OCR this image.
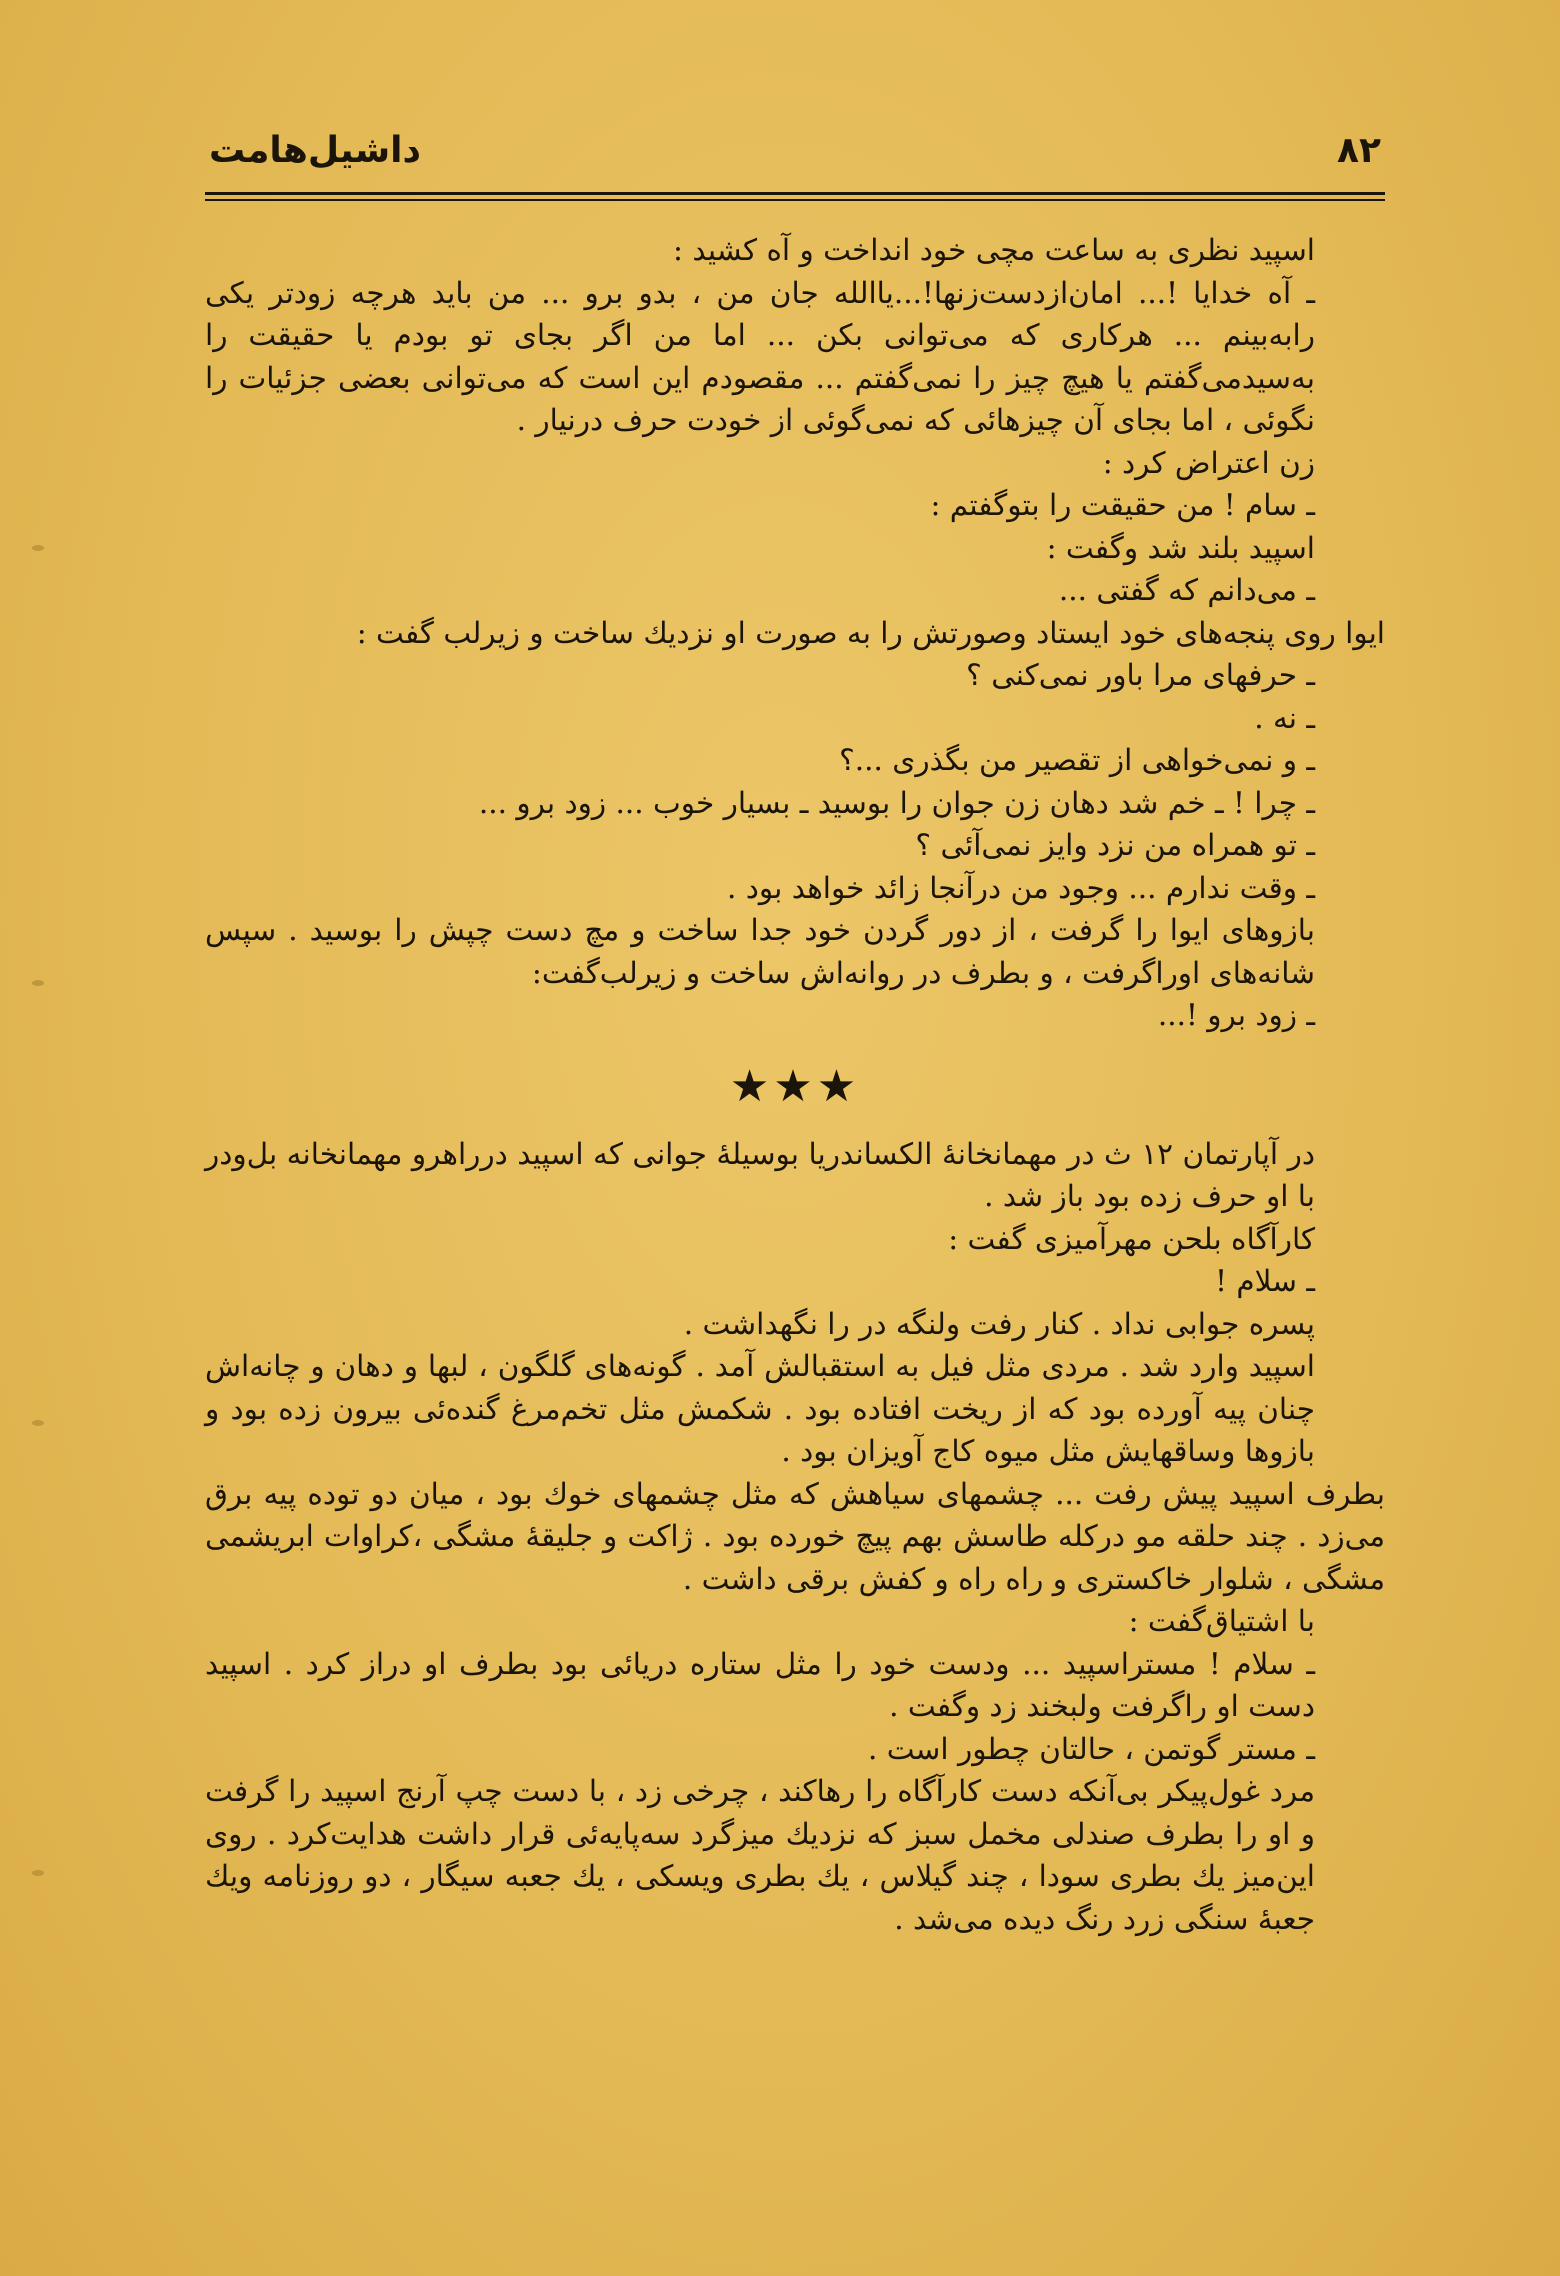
۸۲
داشیل‌هامت

اسپید نظری به ساعت مچی خود انداخت و آه کشید :

ـ آه خدایا !... امان‌ازدست‌زنها!...یاالله جان من ، بدو برو ... من باید هرچه زودتر یکی رابه‌بینم ... هرکاری که می‌توانی بکن ... اما من اگر بجای تو بودم یا حقیقت را به‌سیدمی‌گفتم یا هیچ چیز را نمی‌گفتم ... مقصودم این است که می‌توانی بعضی جزئیات را نگوئی ، اما بجای آن چیزهائی که نمی‌گوئی از خودت حرف درنیار .

زن اعتراض کرد :

ـ سام ! من حقیقت را بتوگفتم :

اسپید بلند شد وگفت :

ـ می‌دانم که گفتی ...

ایوا روی پنجه‌های خود ایستاد وصورتش را به صورت او نزدیك ساخت و زیرلب گفت :

ـ حرفهای مرا باور نمی‌کنی ؟

ـ نه .

ـ و نمی‌خواهی از تقصیر من بگذری ...؟

ـ چرا ! ـ خم شد دهان زن جوان را بوسید ـ بسیار خوب ... زود برو ...

ـ تو همراه من نزد وایز نمی‌آئی ؟

ـ وقت ندارم ... وجود من درآنجا زائد خواهد بود .

بازوهای ایوا را گرفت ، از دور گردن خود جدا ساخت و مچ دست چپش را بوسید . سپس شانه‌های اوراگرفت ، و بطرف در روانه‌اش ساخت و زیرلب‌گفت:

ـ زود برو !...

★★★

در آپارتمان ۱۲ ث در مهمانخانهٔ الکساندریا بوسیلهٔ جوانی که اسپید درراهرو مهمانخانه بل‌ودر با او حرف زده بود باز شد .

کارآگاه بلحن مهرآمیزی گفت :

ـ سلام !

پسره جوابی نداد . کنار رفت ولنگه در را نگهداشت .

اسپید وارد شد . مردی مثل فیل به استقبالش آمد . گونه‌های گلگون ، لبها و دهان و چانه‌اش چنان پیه آورده بود که از ریخت افتاده بود . شکمش مثل تخم‌مرغ گنده‌ئی بیرون زده بود و بازوها وساقهایش مثل میوه کاج آویزان بود .

بطرف اسپید پیش رفت ... چشمهای سیاهش که مثل چشمهای خوك بود ، میان دو توده پیه برق می‌زد . چند حلقه مو درکله طاسش بهم پیچ خورده بود . ژاکت و جلیقهٔ مشگی ،کراوات ابریشمی مشگی ، شلوار خاکستری و راه راه و کفش برقی داشت .

با اشتیاق‌گفت :

ـ سلام ! مستراسپید ... ودست خود را مثل ستاره دریائی بود بطرف او دراز کرد . اسپید دست او راگرفت ولبخند زد وگفت .

ـ مستر گوتمن ، حالتان چطور است .

مرد غول‌پیکر بی‌آنکه دست کارآگاه را رهاکند ، چرخی زد ، با دست چپ آرنج اسپید را گرفت و او را بطرف صندلی مخمل سبز که نزدیك میزگرد سه‌پایه‌ئی قرار داشت هدایت‌کرد . روی این‌میز یك بطری سودا ، چند گیلاس ، یك بطری ویسکی ، یك جعبه سیگار ، دو روزنامه ویك جعبهٔ سنگی زرد رنگ دیده می‌شد .
